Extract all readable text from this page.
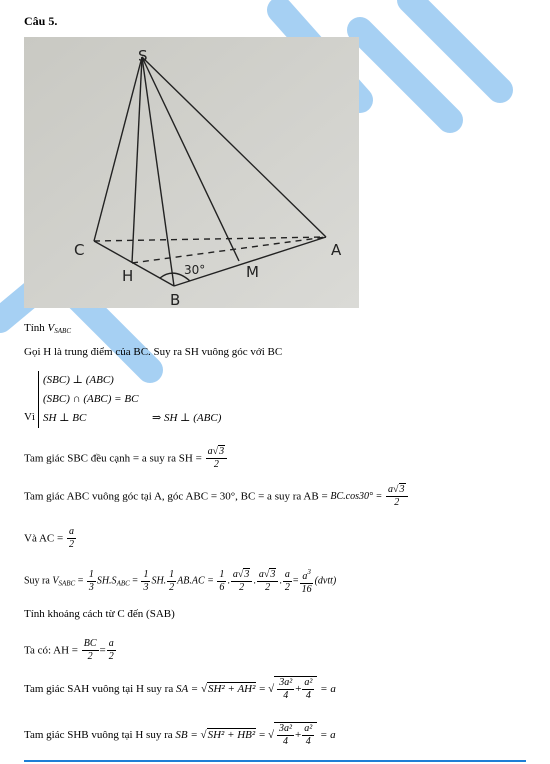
Câu 5.
S
C
H
B
M
A
30°
Tính $V_{SABC}$
Gọi H là trung điểm của BC. Suy ra SH vuông góc với BC
Vì
(SBC) ⊥ (ABC)
(SBC) ∩ (ABC) = BC
SH ⊥ BC	⇒ SH ⊥ (ABC)
Tam giác SBC đều cạnh = a suy ra SH = $\frac{a√3}{2}$
Tam giác ABC vuông góc tại A, góc ABC = 30°, BC = a suy ra AB = $BC.\cos 30^\circ = \frac{a√3}{2}$
Và AC = $\frac{a}{2}$
Suy ra $V_{SABC} = \frac{1}{3} SH.S_{ABC} = \frac{1}{3}$ SH. $\frac{1}{2} AB.AC = \frac{1}{6}$ . $\frac{a√3}{2}$ . $\frac{a√3}{2}$ . $\frac{a}{2} = \frac{a^3}{16}$ (dvtt)
Tính khoảng cách từ C đến (SAB)
Ta có: AH = $\frac{BC}{2} = \frac{a}{2}$
Tam giác SAH vuông tại H suy ra SA = √SH² + AH² = √ $\frac{\text{3a²}}{4} + \frac{\text{a²}}{4} = a$
Tam giác SHB vuông tại H suy ra SB = √SH² + HB² = √ $\frac{\text{3a²}}{4} + \frac{\text{a²}}{4} = a$
